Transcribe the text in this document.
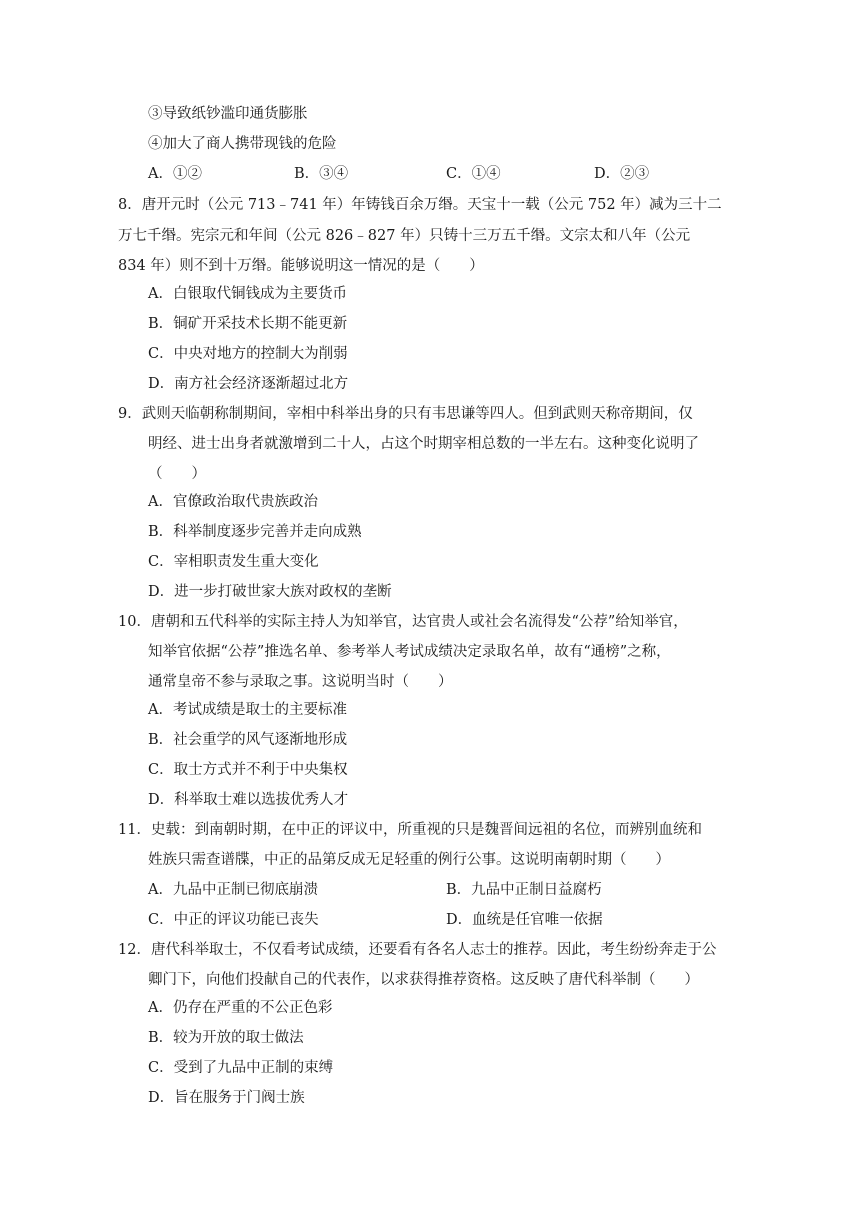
③导致纸钞滥印通货膨胀
④加大了商人携带现钱的危险
A．①②	B．③④	C．①④	D．②③
8．唐开元时（公元 713﹣741 年）年铸钱百余万缗。天宝十一载（公元 752 年）减为三十二
万七千缗。宪宗元和年间（公元 826﹣827 年）只铸十三万五千缗。文宗太和八年（公元
834 年）则不到十万缗。能够说明这一情况的是（　　）
A．白银取代铜钱成为主要货币
B．铜矿开采技术长期不能更新
C．中央对地方的控制大为削弱
D．南方社会经济逐渐超过北方
9．武则天临朝称制期间，宰相中科举出身的只有韦思谦等四人。但到武则天称帝期间，仅
明经、进士出身者就激增到二十人，占这个时期宰相总数的一半左右。这种变化说明了
（　　）
A．官僚政治取代贵族政治
B．科举制度逐步完善并走向成熟
C．宰相职责发生重大变化
D．进一步打破世家大族对政权的垄断
10．唐朝和五代科举的实际主持人为知举官，达官贵人或社会名流得发“公荐”给知举官，
知举官依据“公荐”推选名单、参考举人考试成绩决定录取名单，故有“通榜”之称，
通常皇帝不参与录取之事。这说明当时（　　）
A．考试成绩是取士的主要标准
B．社会重学的风气逐渐地形成
C．取士方式并不利于中央集权
D．科举取士难以选拔优秀人才
11．史载：到南朝时期，在中正的评议中，所重视的只是魏晋间远祖的名位，而辨别血统和
姓族只需查谱牒，中正的品第反成无足轻重的例行公事。这说明南朝时期（　　）
A．九品中正制已彻底崩溃	B．九品中正制日益腐朽
C．中正的评议功能已丧失	D．血统是任官唯一依据
12．唐代科举取士，不仅看考试成绩，还要看有各名人志士的推荐。因此，考生纷纷奔走于公
卿门下，向他们投献自己的代表作，以求获得推荐资格。这反映了唐代科举制（　　）
A．仍存在严重的不公正色彩
B．较为开放的取士做法
C．受到了九品中正制的束缚
D．旨在服务于门阀士族
